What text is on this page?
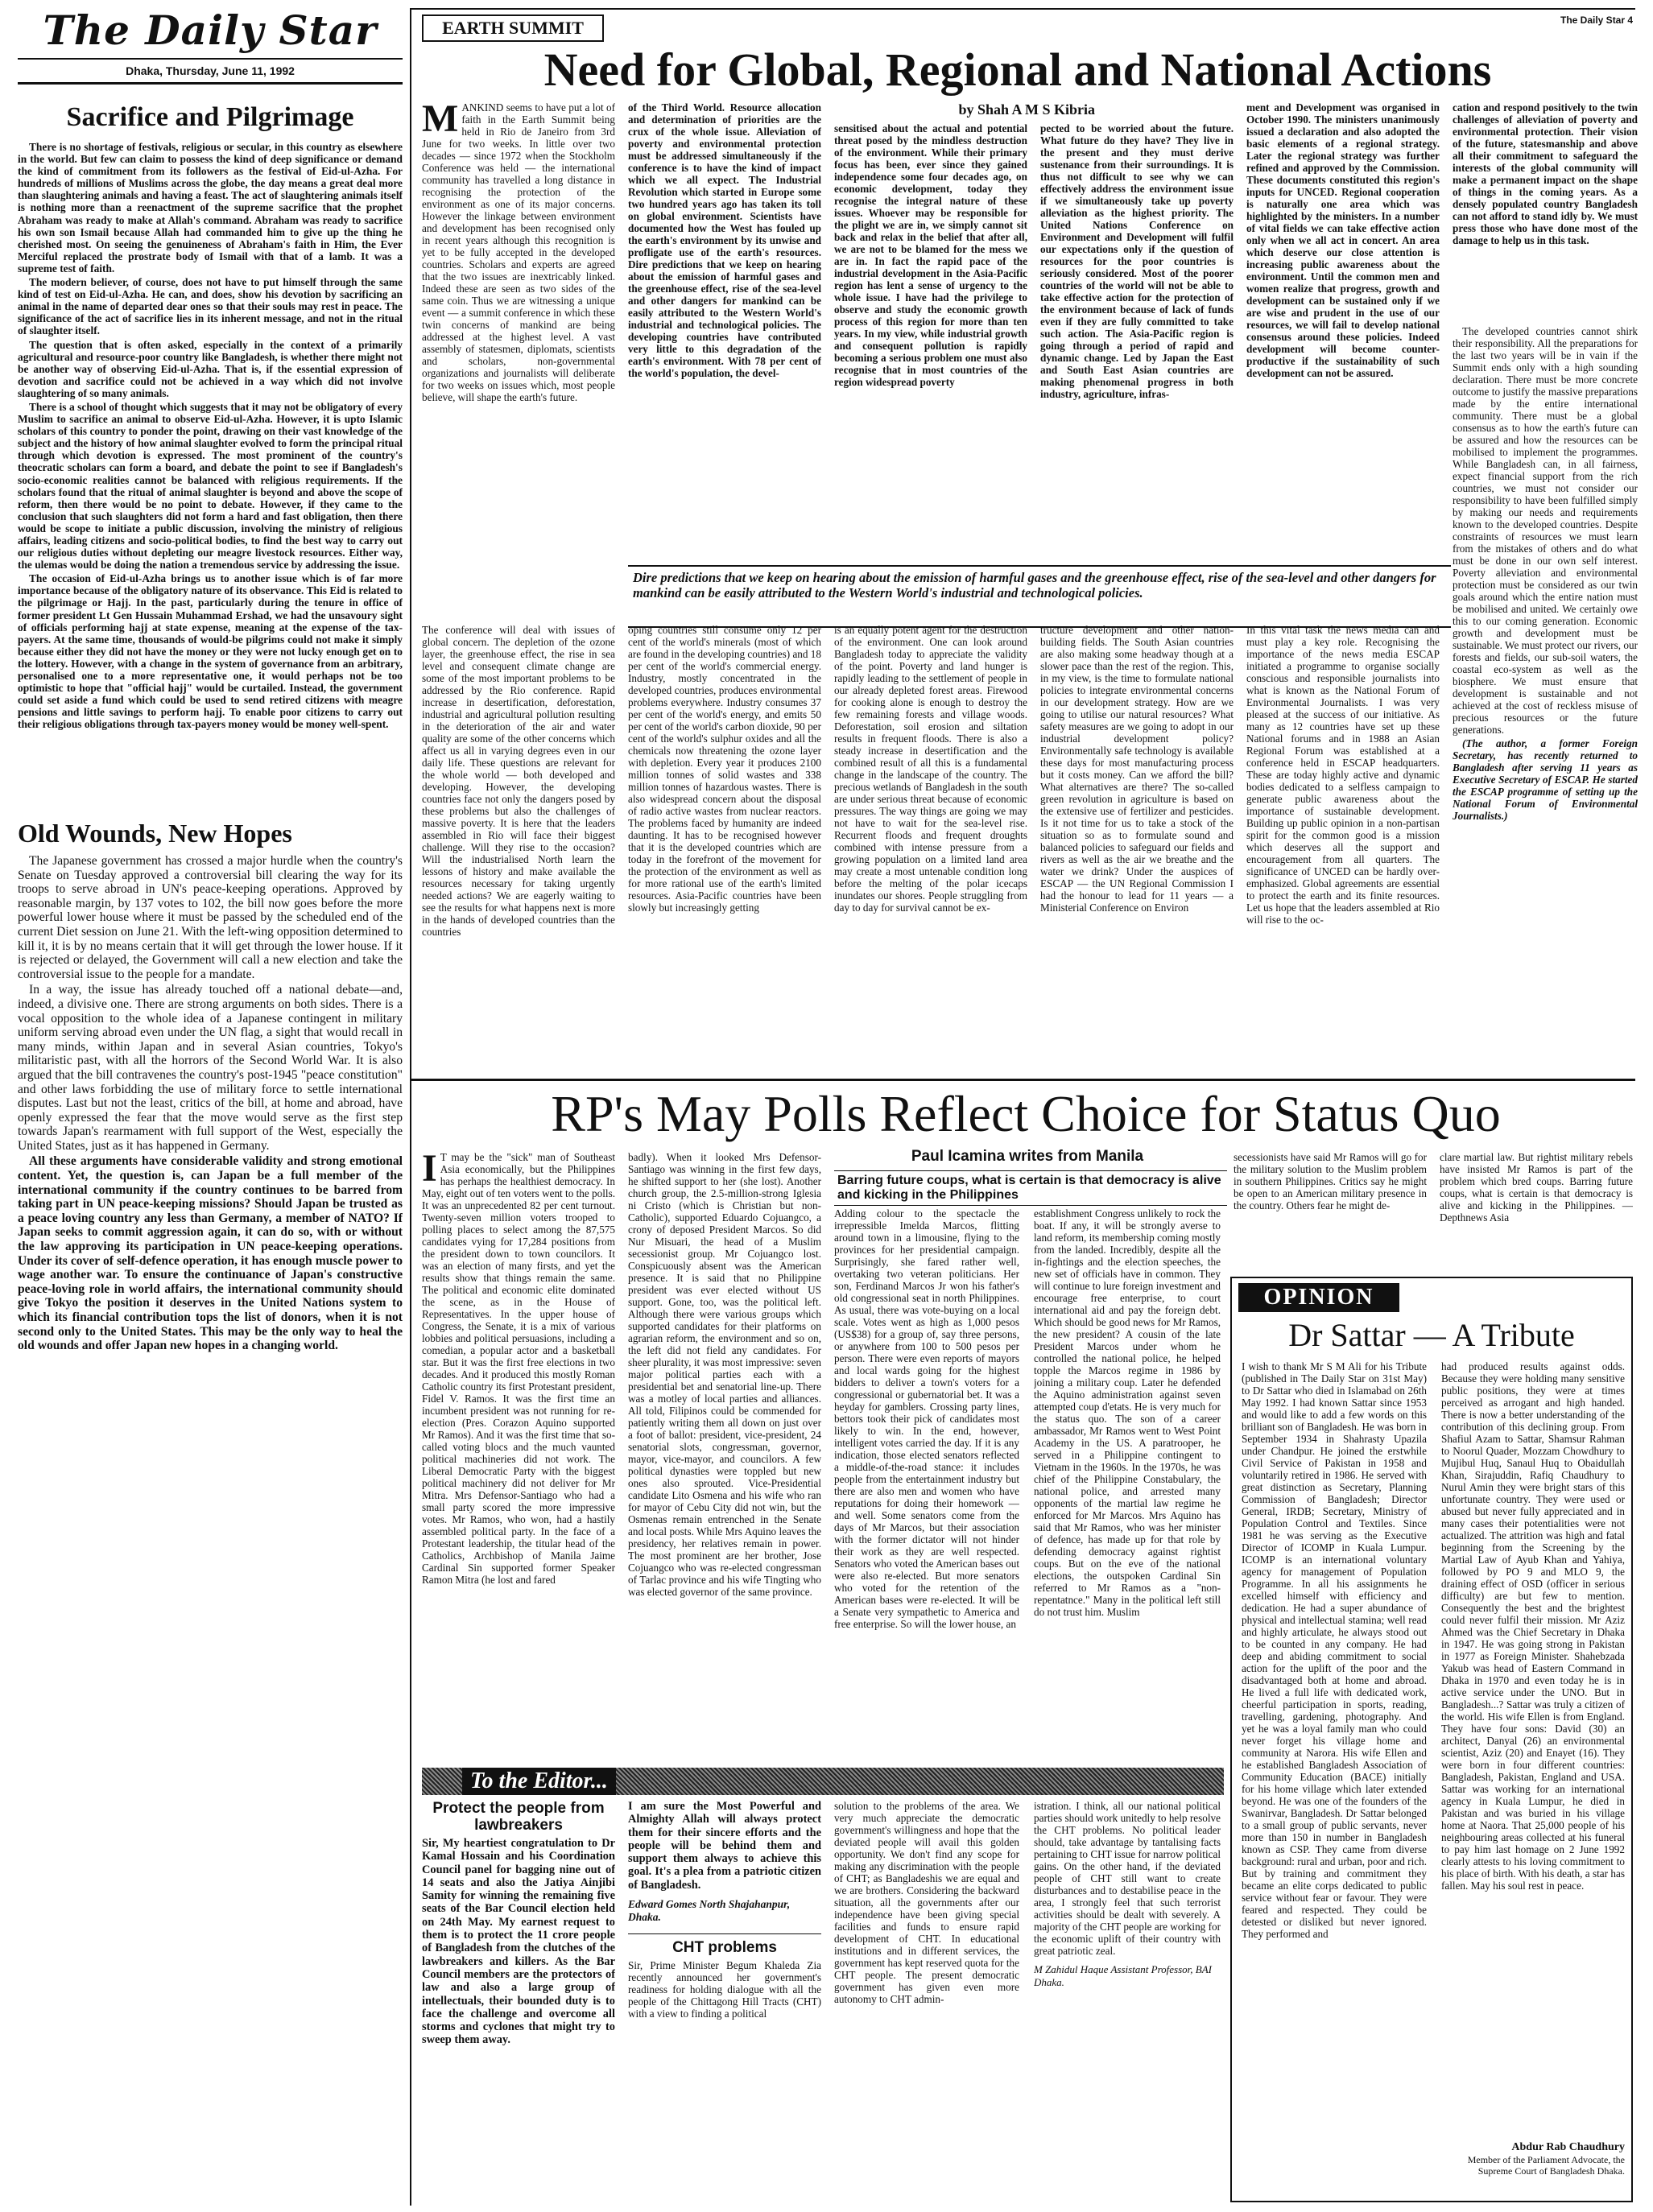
The Daily Star
Dhaka, Thursday, June 11, 1992
The Daily Star 4
Sacrifice and Pilgrimage

There is no shortage of festivals, religious or secular, in this country as elsewhere in the world. But few can claim to possess the kind of deep significance or demand the kind of commitment from its followers as the festival of Eid-ul-Azha. For hundreds of millions of Muslims across the globe, the day means a great deal more than slaughtering animals and having a feast. The act of slaughtering animals itself is nothing more than a reenactment of the supreme sacrifice that the prophet Abraham was ready to make at Allah's command. Abraham was ready to sacrifice his own son Ismail because Allah had commanded him to give up the thing he cherished most. On seeing the genuineness of Abraham's faith in Him, the Ever Merciful replaced the prostrate body of Ismail with that of a lamb. It was a supreme test of faith.

The modern believer, of course, does not have to put himself through the same kind of test on Eid-ul-Azha. He can, and does, show his devotion by sacrificing an animal in the name of departed dear ones so that their souls may rest in peace. The significance of the act of sacrifice lies in its inherent message, and not in the ritual of slaughter itself.

The question that is often asked, especially in the context of a primarily agricultural and resource-poor country like Bangladesh, is whether there might not be another way of observing Eid-ul-Azha. That is, if the essential expression of devotion and sacrifice could not be achieved in a way which did not involve slaughtering of so many animals.

There is a school of thought which suggests that it may not be obligatory of every Muslim to sacrifice an animal to observe Eid-ul-Azha. However, it is upto Islamic scholars of this country to ponder the point, drawing on their vast knowledge of the subject and the history of how animal slaughter evolved to form the principal ritual through which devotion is expressed. The most prominent of the country's theocratic scholars can form a board, and debate the point to see if Bangladesh's socio-economic realities cannot be balanced with religious requirements. If the scholars found that the ritual of animal slaughter is beyond and above the scope of reform, then there would be no point to debate. However, if they came to the conclusion that such slaughters did not form a hard and fast obligation, then there would be scope to initiate a public discussion, involving the ministry of religious affairs, leading citizens and socio-political bodies, to find the best way to carry out our religious duties without depleting our meagre livestock resources. Either way, the ulemas would be doing the nation a tremendous service by addressing the issue.

The occasion of Eid-ul-Azha brings us to another issue which is of far more importance because of the obligatory nature of its observance. This Eid is related to the pilgrimage or Hajj. In the past, particularly during the tenure in office of former president Lt Gen Hussain Muhammad Ershad, we had the unsavoury sight of officials performing hajj at state expense, meaning at the expense of the tax-payers. At the same time, thousands of would-be pilgrims could not make it simply because either they did not have the money or they were not lucky enough get on to the lottery. However, with a change in the system of governance from an arbitrary, personalised one to a more representative one, it would perhaps not be too optimistic to hope that "official hajj" would be curtailed. Instead, the government could set aside a fund which could be used to send retired citizens with meagre pensions and little savings to perform hajj. To enable poor citizens to carry out their religious obligations through tax-payers money would be money well-spent.

Old Wounds, New Hopes

The Japanese government has crossed a major hurdle when the country's Senate on Tuesday approved a controversial bill clearing the way for its troops to serve abroad in UN's peace-keeping operations. Approved by reasonable margin, by 137 votes to 102, the bill now goes before the more powerful lower house where it must be passed by the scheduled end of the current Diet session on June 21. With the left-wing opposition determined to kill it, it is by no means certain that it will get through the lower house. If it is rejected or delayed, the Government will call a new election and take the controversial issue to the people for a mandate.

In a way, the issue has already touched off a national debate—and, indeed, a divisive one. There are strong arguments on both sides. There is a vocal opposition to the whole idea of a Japanese contingent in military uniform serving abroad even under the UN flag, a sight that would recall in many minds, within Japan and in several Asian countries, Tokyo's militaristic past, with all the horrors of the Second World War. It is also argued that the bill contravenes the country's post-1945 "peace constitution" and other laws forbidding the use of military force to settle international disputes. Last but not the least, critics of the bill, at home and abroad, have openly expressed the fear that the move would serve as the first step towards Japan's rearmament with full support of the West, especially the United States, just as it has happened in Germany.

All these arguments have considerable validity and strong emotional content. Yet, the question is, can Japan be a full member of the international community if the country continues to be barred from taking part in UN peace-keeping missions? Should Japan be trusted as a peace loving country any less than Germany, a member of NATO? If Japan seeks to commit aggression again, it can do so, with or without the law approving its participation in UN peace-keeping operations. Under its cover of self-defence operation, it has enough muscle power to wage another war. To ensure the continuance of Japan's constructive peace-loving role in world affairs, the international community should give Tokyo the position it deserves in the United Nations system to which its financial contribution tops the list of donors, when it is not second only to the United States. This may be the only way to heal the old wounds and offer Japan new hopes in a changing world.

EARTH SUMMIT
Need for Global, Regional and National Actions
by Shah A M S Kibria
M ANKIND seems to have put a lot of faith in the Earth Summit being held in Rio de Janeiro from 3rd June for two weeks. In little over two decades — since 1972 when the Stockholm Conference was held — the international community has travelled a long distance in recognising the protection of the environment as one of its major concerns. However the linkage between environment and development has been recognised only in recent years although this recognition is yet to be fully accepted in the developed countries. Scholars and experts are agreed that the two issues are inextricably linked. Indeed these are seen as two sides of the same coin. Thus we are witnessing a unique event — a summit conference in which these twin concerns of mankind are being addressed at the highest level. A vast assembly of statesmen, diplomats, scientists and scholars, non-governmental organizations and journalists will deliberate for two weeks on issues which, most people believe, will shape the earth's future.
of the Third World. Resource allocation and determination of priorities are the crux of the whole issue. Alleviation of poverty and environmental protection must be addressed simultaneously if the conference is to have the kind of impact which we all expect. The Industrial Revolution which started in Europe some two hundred years ago has taken its toll on global environment. Scientists have documented how the West has fouled up the earth's environment by its unwise and profligate use of the earth's resources. Dire predictions that we keep on hearing about the emission of harmful gases and the greenhouse effect, rise of the sea-level and other dangers for mankind can be easily attributed to the Western World's industrial and technological policies. The developing countries have contributed very little to this degradation of the earth's environment. With 78 per cent of the world's population, the devel-
sensitised about the actual and potential threat posed by the mindless destruction of the environment. While their primary focus has been, ever since they gained independence some four decades ago, on economic development, today they recognise the integral nature of these issues. Whoever may be responsible for the plight we are in, we simply cannot sit back and relax in the belief that after all, we are not to be blamed for the mess we are in. In fact the rapid pace of the industrial development in the Asia-Pacific region has lent a sense of urgency to the whole issue. I have had the privilege to observe and study the economic growth process of this region for more than ten years. In my view, while industrial growth and consequent pollution is rapidly becoming a serious problem one must also recognise that in most countries of the region widespread poverty
pected to be worried about the future. What future do they have? They live in the present and they must derive sustenance from their surroundings. It is thus not difficult to see why we can effectively address the environment issue if we simultaneously take up poverty alleviation as the highest priority. The United Nations Conference on Environment and Development will fulfil our expectations only if the question of resources for the poor countries is seriously considered. Most of the poorer countries of the world will not be able to take effective action for the protection of the environment because of lack of funds even if they are fully committed to take such action. The Asia-Pacific region is going through a period of rapid and dynamic change. Led by Japan the East and South East Asian countries are making phenomenal progress in both industry, agriculture, infras-
ment and Development was organised in October 1990. The ministers unanimously issued a declaration and also adopted the basic elements of a regional strategy. Later the regional strategy was further refined and approved by the Commission. These documents constituted this region's inputs for UNCED. Regional cooperation is naturally one area which was highlighted by the ministers. In a number of vital fields we can take effective action only when we all act in concert. An area which deserve our close attention is increasing public awareness about the environment. Until the common men and women realize that progress, growth and development can be sustained only if we are wise and prudent in the use of our resources, we will fail to develop national consensus around these policies. Indeed development will become counter-productive if the sustainability of such development can not be assured.
cation and respond positively to the twin challenges of alleviation of poverty and environmental protection. Their vision of the future, statesmanship and above all their commitment to safeguard the interests of the global community will make a permanent impact on the shape of things in the coming years. As a densely populated country Bangladesh can not afford to stand idly by. We must press those who have done most of the damage to help us in this task.

The developed countries cannot shirk their responsibility. All the preparations for the last two years will be in vain if the Summit ends only with a high sounding declaration. There must be more concrete outcome to justify the massive preparations made by the entire international community. There must be a global consensus as to how the earth's future can be assured and how the resources can be mobilised to implement the programmes. While Bangladesh can, in all fairness, expect financial support from the rich countries, we must not consider our responsibility to have been fulfilled simply by making our needs and requirements known to the developed countries. Despite constraints of resources we must learn from the mistakes of others and do what must be done in our own self interest. Poverty alleviation and environmental protection must be considered as our twin goals around which the entire nation must be mobilised and united. We certainly owe this to our coming generation. Economic growth and development must be sustainable. We must protect our rivers, our forests and fields, our sub-soil waters, the coastal eco-system as well as the biosphere. We must ensure that development is sustainable and not achieved at the cost of reckless misuse of precious resources or the future generations.

(The author, a former Foreign Secretary, has recently returned to Bangladesh after serving 11 years as Executive Secretary of ESCAP. He started the ESCAP programme of setting up the National Forum of Environmental Journalists.)

Dire predictions that we keep on hearing about the emission of harmful gases and the greenhouse effect, rise of the sea-level and other dangers for mankind can be easily attributed to the Western World's industrial and technological policies.
The conference will deal with issues of global concern. The depletion of the ozone layer, the greenhouse effect, the rise in sea level and consequent climate change are some of the most important problems to be addressed by the Rio conference. Rapid increase in desertification, deforestation, industrial and agricultural pollution resulting in the deterioration of the air and water quality are some of the other concerns which affect us all in varying degrees even in our daily life. These questions are relevant for the whole world — both developed and developing. However, the developing countries face not only the dangers posed by these problems but also the challenges of massive poverty. It is here that the leaders assembled in Rio will face their biggest challenge. Will they rise to the occasion? Will the industrialised North learn the lessons of history and make available the resources necessary for taking urgently needed actions? We are eagerly waiting to see the results for what happens next is more in the hands of developed countries than the countries
oping countries still consume only 12 per cent of the world's minerals (most of which are found in the developing countries) and 18 per cent of the world's commercial energy. Industry, mostly concentrated in the developed countries, produces environmental problems everywhere. Industry consumes 37 per cent of the world's energy, and emits 50 per cent of the world's carbon dioxide, 90 per cent of the world's sulphur oxides and all the chemicals now threatening the ozone layer with depletion. Every year it produces 2100 million tonnes of solid wastes and 338 million tonnes of hazardous wastes. There is also widespread concern about the disposal of radio active wastes from nuclear reactors. The problems faced by humanity are indeed daunting. It has to be recognised however that it is the developed countries which are today in the forefront of the movement for the protection of the environment as well as for more rational use of the earth's limited resources. Asia-Pacific countries have been slowly but increasingly getting
is an equally potent agent for the destruction of the environment. One can look around Bangladesh today to appreciate the validity of the point. Poverty and land hunger is rapidly leading to the settlement of people in our already depleted forest areas. Firewood for cooking alone is enough to destroy the few remaining forests and village woods. Deforestation, soil erosion and siltation results in frequent floods. There is also a steady increase in desertification and the combined result of all this is a fundamental change in the landscape of the country. The precious wetlands of Bangladesh in the south are under serious threat because of economic pressures. The way things are going we may not have to wait for the sea-level rise. Recurrent floods and frequent droughts combined with intense pressure from a growing population on a limited land area may create a most untenable condition long before the melting of the polar icecaps inundates our shores. People struggling from day to day for survival cannot be ex-
tructure development and other nation-building fields. The South Asian countries are also making some headway though at a slower pace than the rest of the region. This, in my view, is the time to formulate national policies to integrate environmental concerns in our development strategy. How are we going to utilise our natural resources? What safety measures are we going to adopt in our industrial development policy? Environmentally safe technology is available these days for most manufacturing process but it costs money. Can we afford the bill? What alternatives are there? The so-called green revolution in agriculture is based on the extensive use of fertilizer and pesticides. Is it not time for us to take a stock of the situation so as to formulate sound and balanced policies to safeguard our fields and rivers as well as the air we breathe and the water we drink? Under the auspices of ESCAP — the UN Regional Commission I had the honour to lead for 11 years — a Ministerial Conference on Environ
In this vital task the news media can and must play a key role. Recognising the importance of the news media ESCAP initiated a programme to organise socially conscious and responsible journalists into what is known as the National Forum of Environmental Journalists. I was very pleased at the success of our initiative. As many as 12 countries have set up these National forums and in 1988 an Asian Regional Forum was established at a conference held in ESCAP headquarters. These are today highly active and dynamic bodies dedicated to a selfless campaign to generate public awareness about the importance of sustainable development. Building up public opinion in a non-partisan spirit for the common good is a mission which deserves all the support and encouragement from all quarters. The significance of UNCED can be hardly over-emphasized. Global agreements are essential to protect the earth and its finite resources. Let us hope that the leaders assembled at Rio will rise to the oc-
RP's May Polls Reflect Choice for Status Quo
Paul Icamina writes from Manila
Barring future coups, what is certain is that democracy is alive and kicking in the Philippines
I T may be the "sick" man of Southeast Asia economically, but the Philippines has perhaps the healthiest democracy. In May, eight out of ten voters went to the polls. It was an unprecedented 82 per cent turnout. Twenty-seven million voters trooped to polling places to select among the 87,575 candidates vying for 17,284 positions from the president down to town councilors. It was an election of many firsts, and yet the results show that things remain the same. The political and economic elite dominated the scene, as in the House of Representatives. In the upper house of Congress, the Senate, it is a mix of various lobbies and political persuasions, including a comedian, a popular actor and a basketball star. But it was the first free elections in two decades. And it produced this mostly Roman Catholic country its first Protestant president, Fidel V. Ramos. It was the first time an incumbent president was not running for re-election (Pres. Corazon Aquino supported Mr Ramos). And it was the first time that so-called voting blocs and the much vaunted political machineries did not work. The Liberal Democratic Party with the biggest political machinery did not deliver for Mr Mitra. Mrs Defensor-Santiago who had a small party scored the more impressive votes. Mr Ramos, who won, had a hastily assembled political party. In the face of a Protestant leadership, the titular head of the Catholics, Archbishop of Manila Jaime Cardinal Sin supported former Speaker Ramon Mitra (he lost and fared
badly). When it looked Mrs Defensor-Santiago was winning in the first few days, he shifted support to her (she lost). Another church group, the 2.5-million-strong Iglesia ni Cristo (which is Christian but non-Catholic), supported Eduardo Cojuangco, a crony of deposed President Marcos. So did Nur Misuari, the head of a Muslim secessionist group. Mr Cojuangco lost. Conspicuously absent was the American presence. It is said that no Philippine president was ever elected without US support. Gone, too, was the political left. Although there were various groups which supported candidates for their platforms on agrarian reform, the environment and so on, the left did not field any candidates. For sheer plurality, it was most impressive: seven major political parties each with a presidential bet and senatorial line-up. There was a motley of local parties and alliances. All told, Filipinos could be commended for patiently writing them all down on just over a foot of ballot: president, vice-president, 24 senatorial slots, congressman, governor, mayor, vice-mayor, and councilors. A few political dynasties were toppled but new ones also sprouted. Vice-Presidential candidate Lito Osmena and his wife who ran for mayor of Cebu City did not win, but the Osmenas remain entrenched in the Senate and local posts. While Mrs Aquino leaves the presidency, her relatives remain in power. The most prominent are her brother, Jose Cojuangco who was re-elected congressman of Tarlac province and his wife Tingting who was elected governor of the same province.
Adding colour to the spectacle the irrepressible Imelda Marcos, flitting around town in a limousine, flying to the provinces for her presidential campaign. Surprisingly, she fared rather well, overtaking two veteran politicians. Her son, Ferdinand Marcos Jr won his father's old congressional seat in north Philippines. As usual, there was vote-buying on a local scale. Votes went as high as 1,000 pesos (US$38) for a group of, say three persons, or anywhere from 100 to 500 pesos per person. There were even reports of mayors and local wards going for the highest bidders to deliver a town's voters for a congressional or gubernatorial bet. It was a heyday for gamblers. Crossing party lines, bettors took their pick of candidates most likely to win. In the end, however, intelligent votes carried the day. If it is any indication, those elected senators reflected a middle-of-the-road stance: it includes people from the entertainment industry but there are also men and women who have reputations for doing their homework — and well. Some senators come from the days of Mr Marcos, but their association with the former dictator will not hinder their work as they are well respected. Senators who voted the American bases out were also re-elected. But more senators who voted for the retention of the American bases were re-elected. It will be a Senate very sympathetic to America and free enterprise. So will the lower house, an
establishment Congress unlikely to rock the boat. If any, it will be strongly averse to land reform, its membership coming mostly from the landed. Incredibly, despite all the in-fightings and the election speeches, the new set of officials have in common. They will continue to lure foreign investment and encourage free enterprise, to court international aid and pay the foreign debt. Which should be good news for Mr Ramos, the new president? A cousin of the late President Marcos under whom he controlled the national police, he helped topple the Marcos regime in 1986 by joining a military coup. Later he defended the Aquino administration against seven attempted coup d'etats. He is very much for the status quo. The son of a career ambassador, Mr Ramos went to West Point Academy in the US. A paratrooper, he served in a Philippine contingent to Vietnam in the 1960s. In the 1970s, he was chief of the Philippine Constabulary, the national police, and arrested many opponents of the martial law regime he enforced for Mr Marcos. Mrs Aquino has said that Mr Ramos, who was her minister of defence, has made up for that role by defending democracy against rightist coups. But on the eve of the national elections, the outspoken Cardinal Sin referred to Mr Ramos as a "non-repentatnce." Many in the political left still do not trust him. Muslim
secessionists have said Mr Ramos will go for the military solution to the Muslim problem in southern Philippines. Critics say he might be open to an American military presence in the country. Others fear he might de-
clare martial law. But rightist military rebels have insisted Mr Ramos is part of the problem which bred coups. Barring future coups, what is certain is that democracy is alive and kicking in the Philippines. — Depthnews Asia
OPINION
Dr Sattar — A Tribute
I wish to thank Mr S M Ali for his Tribute (published in The Daily Star on 31st May) to Dr Sattar who died in Islamabad on 26th May 1992. I had known Sattar since 1953 and would like to add a few words on this brilliant son of Bangladesh. He was born in September 1934 in Shahrasty Upazila under Chandpur. He joined the erstwhile Civil Service of Pakistan in 1958 and voluntarily retired in 1986. He served with great distinction as Secretary, Planning Commission of Bangladesh; Director General, IRDB; Secretary, Ministry of Population Control and Textiles. Since 1981 he was serving as the Executive Director of ICOMP in Kuala Lumpur. ICOMP is an international voluntary agency for management of Population Programme. In all his assignments he excelled himself with efficiency and dedication. He had a super abundance of physical and intellectual stamina; well read and highly articulate, he always stood out to be counted in any company. He had deep and abiding commitment to social action for the uplift of the poor and the disadvantaged both at home and abroad. He lived a full life with dedicated work, cheerful participation in sports, reading, travelling, gardening, photography. And yet he was a loyal family man who could never forget his village home and community at Narora. His wife Ellen and he established Bangladesh Association of Community Education (BACE) initially for his home village which later extended beyond. He was one of the founders of the Swanirvar, Bangladesh. Dr Sattar belonged to a small group of public servants, never more than 150 in number in Bangladesh known as CSP. They came from diverse background: rural and urban, poor and rich. But by training and commitment they became an elite corps dedicated to public service without fear or favour. They were feared and respected. They could be detested or disliked but never ignored. They performed and
had produced results against odds. Because they were holding many sensitive public positions, they were at times perceived as arrogant and high handed. There is now a better understanding of the contribution of this declining group. From Shafiul Azam to Sattar, Shamsur Rahman to Noorul Quader, Mozzam Chowdhury to Mujibul Huq, Sanaul Huq to Obaidullah Khan, Sirajuddin, Rafiq Chaudhury to Nurul Amin they were bright stars of this unfortunate country. They were used or abused but never fully appreciated and in many cases their potentialities were not actualized. The attrition was high and fatal beginning from the Screening by the Martial Law of Ayub Khan and Yahiya, followed by PO 9 and MLO 9, the draining effect of OSD (officer in serious difficulty) are but few to mention. Consequently the best and the brightest could never fulfil their mission. Mr Aziz Ahmed was the Chief Secretary in Dhaka in 1947. He was going strong in Pakistan in 1977 as Foreign Minister. Shahebzada Yakub was head of Eastern Command in Dhaka in 1970 and even today he is in active service under the UNO. But in Bangladesh...? Sattar was truly a citizen of the world. His wife Ellen is from England. They have four sons: David (30) an architect, Danyal (26) an environmental scientist, Aziz (20) and Enayet (16). They were born in four different countries: Bangladesh, Pakistan, England and USA. Sattar was working for an international agency in Kuala Lumpur, he died in Pakistan and was buried in his village home at Naora. That 25,000 people of his neighbouring areas collected at his funeral to pay him last homage on 2 June 1992 clearly attests to his loving commitment to his place of birth. With his death, a star has fallen. May his soul rest in peace.
Abdur Rab Chaudhury
Member of the Parliament Advocate, the Supreme Court of Bangladesh Dhaka.
To the Editor...
Protect the people from lawbreakers
Sir, My heartiest congratulation to Dr Kamal Hossain and his Coordination Council panel for bagging nine out of 14 seats and also the Jatiya Ainjibi Samity for winning the remaining five seats of the Bar Council election held on 24th May. My earnest request to them is to protect the 11 crore people of Bangladesh from the clutches of the lawbreakers and killers. As the Bar Council members are the protectors of law and also a large group of intellectuals, their bounded duty is to face the challenge and overcome all storms and cyclones that might try to sweep them away.
I am sure the Most Powerful and Almighty Allah will always protect them for their sincere efforts and the people will be behind them and support them always to achieve this goal. It's a plea from a patriotic citizen of Bangladesh.
Edward Gomes North Shajahanpur, Dhaka.
CHT problems
Sir, Prime Minister Begum Khaleda Zia recently announced her government's readiness for holding dialogue with all the people of the Chittagong Hill Tracts (CHT) with a view to finding a political
solution to the problems of the area. We very much appreciate the democratic government's willingness and hope that the deviated people will avail this golden opportunity. We don't find any scope for making any discrimination with the people of CHT; as Bangladeshis we are equal and we are brothers. Considering the backward situation, all the governments after our independence have been giving special facilities and funds to ensure rapid development of CHT. In educational institutions and in different services, the government has kept reserved quota for the CHT people. The present democratic government has given even more autonomy to CHT admin-
istration. I think, all our national political parties should work unitedly to help resolve the CHT problems. No political leader should, take advantage by tantalising facts pertaining to CHT issue for narrow political gains. On the other hand, if the deviated people of CHT still want to create disturbances and to destabilise peace in the area, I strongly feel that such terrorist activities should be dealt with severely. A majority of the CHT people are working for the economic uplift of their country with great patriotic zeal.
M Zahidul Haque Assistant Professor, BAI Dhaka.
